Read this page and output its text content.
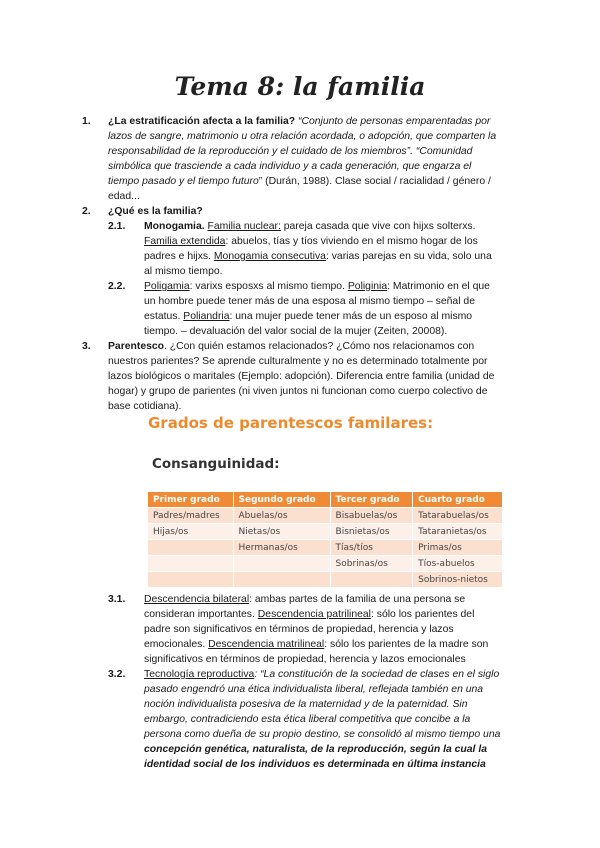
Tema 8: la familia
1. ¿La estratificación afecta a la familia? “Conjunto de personas emparentadas por
lazos de sangre, matrimonio u otra relación acordada, o adopción, que comparten la
responsabilidad de la reproducción y el cuidado de los miembros”. “Comunidad
simbólica que trasciende a cada individuo y a cada generación, que engarza el
tiempo pasado y el tiempo futuro” (Durán, 1988). Clase social / racialidad / género /
edad...
2. ¿Qué es la familia?
2.1. Monogamia. Familia nuclear: pareja casada que vive con hijxs solterxs.
Familia extendida: abuelos, tías y tíos viviendo en el mismo hogar de los
padres e hijxs. Monogamia consecutiva: varias parejas en su vida, solo una
al mismo tiempo.
2.2. Poligamia: varixs esposxs al mismo tiempo. Poliginia: Matrimonio en el que
un hombre puede tener más de una esposa al mismo tiempo – señal de
estatus. Poliandria: una mujer puede tener más de un esposo al mismo
tiempo. – devaluación del valor social de la mujer (Zeiten, 20008).
3. Parentesco. ¿Con quién estamos relacionados? ¿Cómo nos relacionamos con
nuestros parientes? Se aprende culturalmente y no es determinado totalmente por
lazos biológicos o maritales (Ejemplo: adopción). Diferencia entre familia (unidad de
hogar) y grupo de parientes (ni viven juntos ni funcionan como cuerpo colectivo de
base cotidiana).
Grados de parentescos familares:
Consanguinidad:
Primer grado	Segundo grado	Tercer grado	Cuarto grado
Padres/madres	Abuelas/os	Bisabuelas/os	Tatarabuelas/os
Hijas/os	Nietas/os	Bisnietas/os	Tataranietas/os
	Hermanas/os	Tías/tíos	Primas/os
		Sobrinas/os	Tíos-abuelos
			Sobrinos-nietos
3.1. Descendencia bilateral: ambas partes de la familia de una persona se
consideran importantes. Descendencia patrilineal: sólo los parientes del
padre son significativos en términos de propiedad, herencia y lazos
emocionales. Descendencia matrilineal: sólo los parientes de la madre son
significativos en términos de propiedad, herencia y lazos emocionales
3.2. Tecnología reproductiva: “La constitución de la sociedad de clases en el siglo
pasado engendró una ética individualista liberal, reflejada también en una
noción individualista posesiva de la maternidad y de la paternidad. Sin
embargo, contradiciendo esta ética liberal competitiva que concibe a la
persona como dueña de su propio destino, se consolidó al mismo tiempo una
concepción genética, naturalista, de la reproducción, según la cual la
identidad social de los individuos es determinada en última instancia
